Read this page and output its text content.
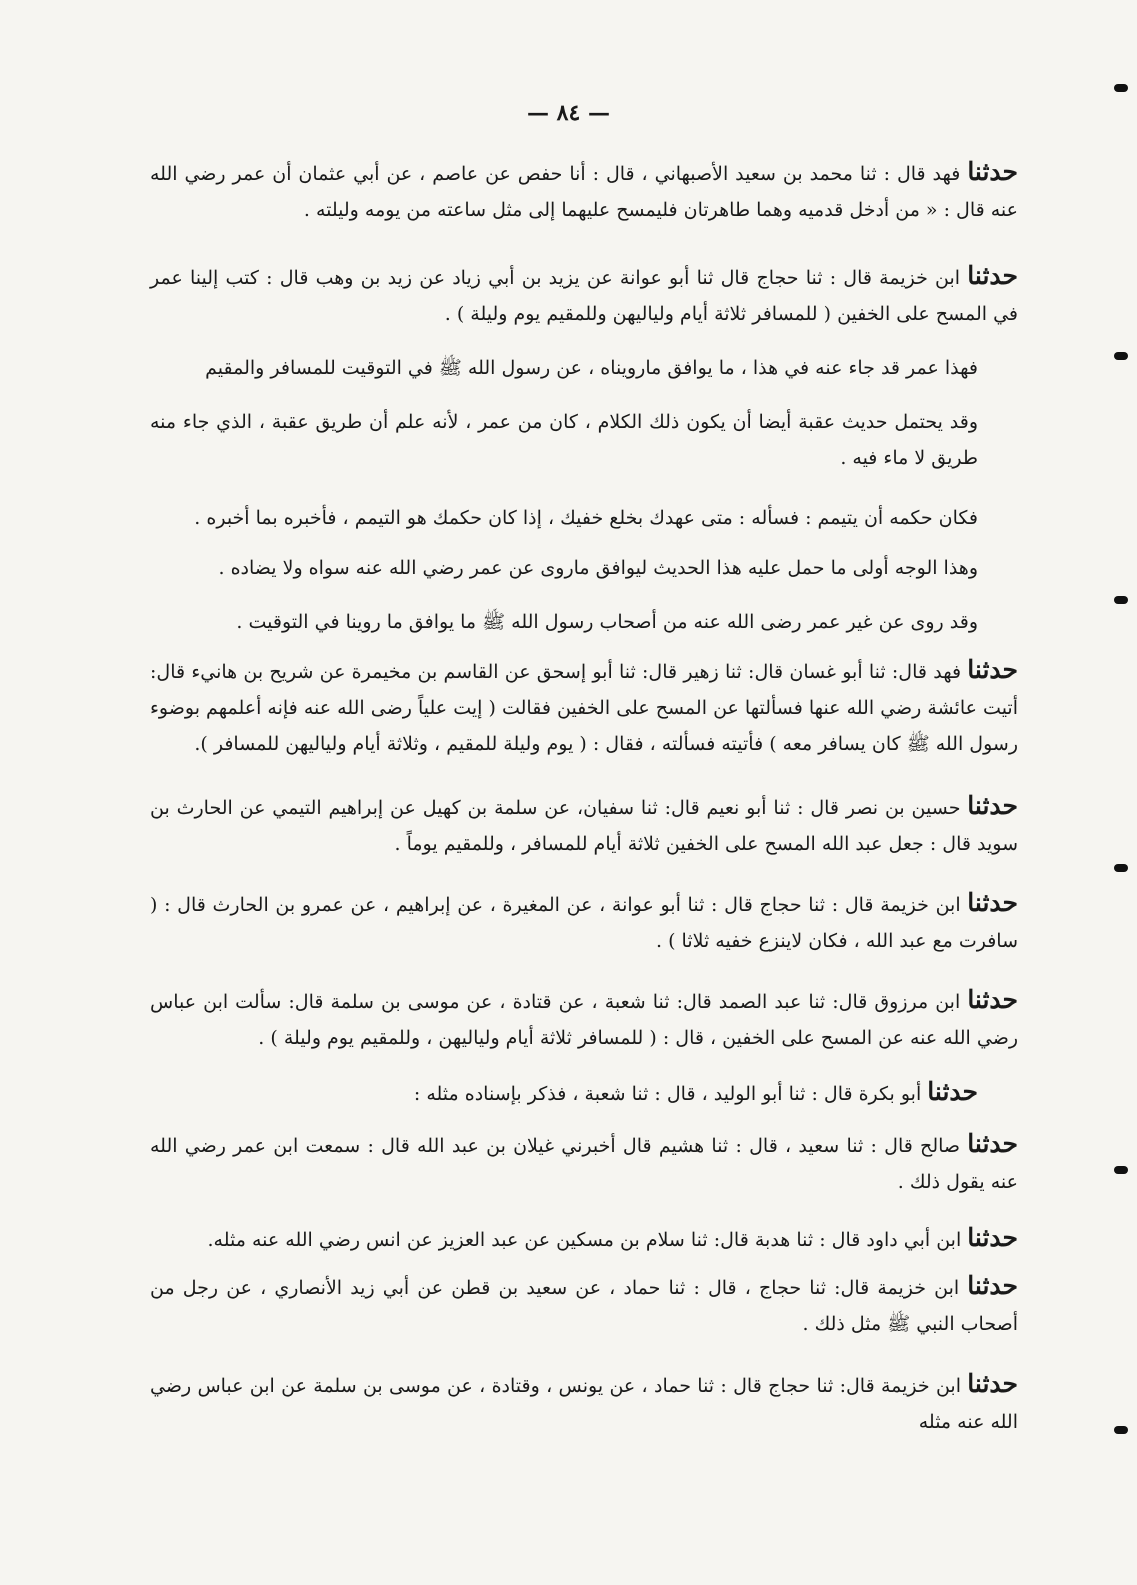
— ٨٤ —
حدثنا فهد قال : ثنا محمد بن سعيد الأصبهاني ، قال : أنا حفص عن عاصم ، عن أبي عثمان أن عمر رضي الله عنه قال : « من أدخل قدميه وهما طاهرتان فليمسح عليهما إلى مثل ساعته من يومه وليلته .
حدثنا ابن خزيمة قال : ثنا حجاج قال ثنا أبو عوانة عن يزيد بن أبي زياد عن زيد بن وهب قال : كتب إلينا عمر في المسح على الخفين ( للمسافر ثلاثة أيام ولياليهن وللمقيم يوم وليلة ) .
فهذا عمر قد جاء عنه في هذا ، ما يوافق مارويناه ، عن رسول الله ﷺ في التوقيت للمسافر والمقيم
وقد يحتمل حديث عقبة أيضا أن يكون ذلك الكلام ، كان من عمر ، لأنه علم أن طريق عقبة ، الذي جاء منه طريق لا ماء فيه .
فكان حكمه أن يتيمم : فسأله : متى عهدك بخلع خفيك ، إذا كان حكمك هو التيمم ، فأخبره بما أخبره .
وهذا الوجه أولى ما حمل عليه هذا الحديث ليوافق ماروى عن عمر رضي الله عنه سواه ولا يضاده .
وقد روى عن غير عمر رضى الله عنه من أصحاب رسول الله ﷺ ما يوافق ما روينا في التوقيت .
حدثنا فهد قال: ثنا أبو غسان قال: ثنا زهير قال: ثنا أبو إسحق عن القاسم بن مخيمرة عن شريح بن هانيء قال: أتيت عائشة رضي الله عنها فسألتها عن المسح على الخفين فقالت ( إيت علياً رضى الله عنه فإنه أعلمهم بوضوء رسول الله ﷺ كان يسافر معه ) فأتيته فسألته ، فقال : ( يوم وليلة للمقيم ، وثلاثة أيام ولياليهن للمسافر ).
حدثنا حسين بن نصر قال : ثنا أبو نعيم قال: ثنا سفيان، عن سلمة بن كهيل عن إبراهيم التيمي عن الحارث بن سويد قال : جعل عبد الله المسح على الخفين ثلاثة أيام للمسافر ، وللمقيم يوماً .
حدثنا ابن خزيمة قال : ثنا حجاج قال : ثنا أبو عوانة ، عن المغيرة ، عن إبراهيم ، عن عمرو بن الحارث قال : ( سافرت مع عبد الله ، فكان لاينزع خفيه ثلاثا ) .
حدثنا ابن مرزوق قال: ثنا عبد الصمد قال: ثنا شعبة ، عن قتادة ، عن موسى بن سلمة قال: سألت ابن عباس رضي الله عنه عن المسح على الخفين ، قال : ( للمسافر ثلاثة أيام ولياليهن ، وللمقيم يوم وليلة ) .
حدثنا أبو بكرة قال : ثنا أبو الوليد ، قال : ثنا شعبة ، فذكر بإسناده مثله :
حدثنا صالح قال : ثنا سعيد ، قال : ثنا هشيم قال أخبرني غيلان بن عبد الله قال : سمعت ابن عمر رضي الله عنه يقول ذلك .
حدثنا ابن أبي داود قال : ثنا هدبة قال: ثنا سلام بن مسكين عن عبد العزيز عن انس رضي الله عنه مثله.
حدثنا ابن خزيمة قال: ثنا حجاج ، قال : ثنا حماد ، عن سعيد بن قطن عن أبي زيد الأنصاري ، عن رجل من أصحاب النبي ﷺ مثل ذلك .
حدثنا ابن خزيمة قال: ثنا حجاج قال : ثنا حماد ، عن يونس ، وقتادة ، عن موسى بن سلمة عن ابن عباس رضي الله عنه مثله
